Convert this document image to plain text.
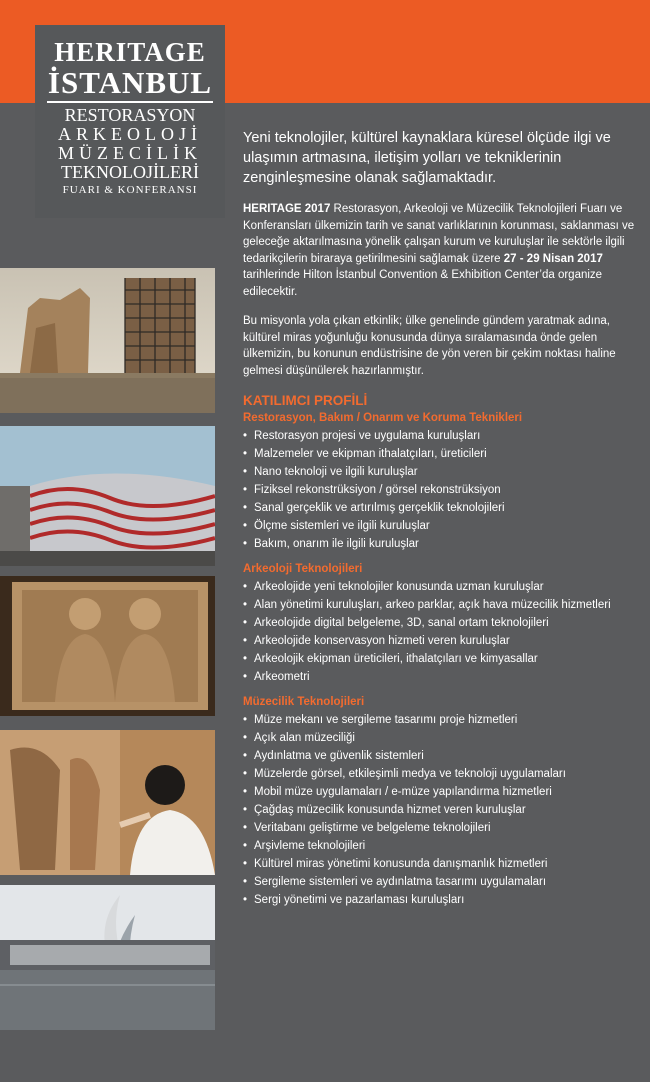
HERITAGE
İSTANBUL
RESTORASYON
ARKEOLOJİ
MÜZECİLİK
TEKNOLOJİLERİ
FUARI & KONFERANSI

Yeni teknolojiler, kültürel kaynaklara küresel ölçüde ilgi ve ulaşımın artmasına, iletişim yolları ve tekniklerinin zenginleşmesine olanak sağlamaktadır.

HERITAGE 2017 Restorasyon, Arkeoloji ve Müzecilik Teknolojileri Fuarı ve Konferansları ülkemizin tarih ve sanat varlıklarının korunması, saklanması ve geleceğe aktarılmasına yönelik çalışan kurum ve kuruluşlar ile sektörle ilgili tedarikçilerin biraraya getirilmesini sağlamak üzere 27 - 29 Nisan 2017 tarihlerinde Hilton İstanbul Convention & Exhibition Center’da organize edilecektir.

Bu misyonla yola çıkan etkinlik; ülke genelinde gündem yaratmak adına, kültürel miras yoğunluğu konusunda dünya sıralamasında önde gelen ülkemizin, bu konunun endüstrisine de yön veren bir çekim noktası haline gelmesi düşünülerek hazırlanmıştır.

KATILIMCI PROFİLİ
Restorasyon, Bakım / Onarım ve Koruma Teknikleri
• Restorasyon projesi ve uygulama kuruluşları
• Malzemeler ve ekipman ithalatçıları, üreticileri
• Nano teknoloji ve ilgili kuruluşlar
• Fiziksel rekonstrüksiyon / görsel rekonstrüksiyon
• Sanal gerçeklik ve artırılmış gerçeklik teknolojileri
• Ölçme sistemleri ve ilgili kuruluşlar
• Bakım, onarım ile ilgili kuruluşlar
Arkeoloji Teknolojileri
• Arkeolojide yeni teknolojiler konusunda uzman kuruluşlar
• Alan yönetimi kuruluşları, arkeo parklar, açık hava müzecilik hizmetleri
• Arkeolojide digital belgeleme, 3D, sanal ortam teknolojileri
• Arkeolojide konservasyon hizmeti veren kuruluşlar
• Arkeolojik ekipman üreticileri, ithalatçıları ve kimyasallar
• Arkeometri
Müzecilik Teknolojileri
• Müze mekanı ve sergileme tasarımı proje hizmetleri
• Açık alan müzeciliği
• Aydınlatma ve güvenlik sistemleri
• Müzelerde görsel, etkileşimli medya ve teknoloji uygulamaları
• Mobil müze uygulamaları / e-müze yapılandırma hizmetleri
• Çağdaş müzecilik konusunda hizmet veren kuruluşlar
• Veritabanı geliştirme ve belgeleme teknolojileri
• Arşivleme teknolojileri
• Kültürel miras yönetimi konusunda danışmanlık hizmetleri
• Sergileme sistemleri ve aydınlatma tasarımı uygulamaları
• Sergi yönetimi ve pazarlaması kuruluşları
